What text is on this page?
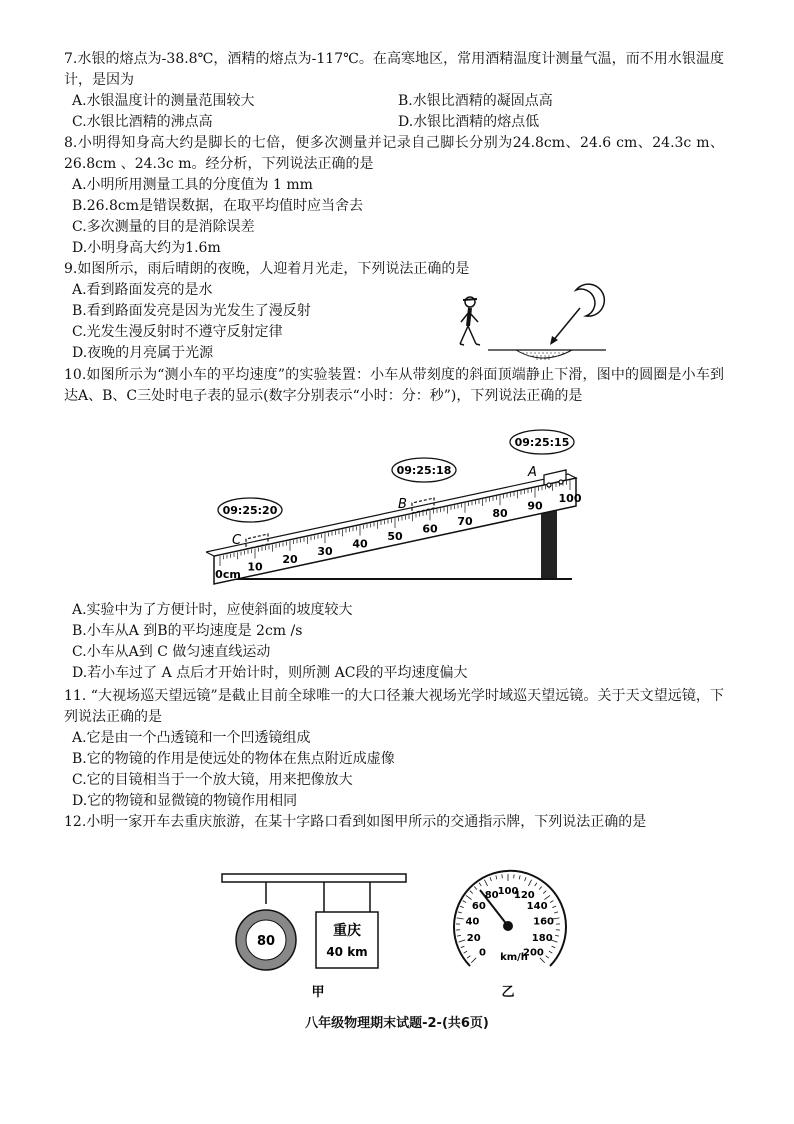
7.水银的熔点为-38.8℃，酒精的熔点为-117℃。在高寒地区，常用酒精温度计测量气温，而不用水银温度计，是因为

A.水银温度计的测量范围较大	B.水银比酒精的凝固点高
C.水银比酒精的沸点高	D.水银比酒精的熔点低

8.小明得知身高大约是脚长的七倍，便多次测量并记录自己脚长分别为24.8cm、24.6 cm、24.3c m、26.8cm 、24.3c m。经分析，下列说法正确的是

A.小明所用测量工具的分度值为 1 mm

B.26.8cm是错误数据，在取平均值时应当舍去

C.多次测量的目的是消除误差

D.小明身高大约为1.6m

9.如图所示，雨后晴朗的夜晚，人迎着月光走，下列说法正确的是

A.看到路面发亮的是水

B.看到路面发亮是因为光发生了漫反射

C.光发生漫反射时不遵守反射定律

D.夜晚的月亮属于光源

10.如图所示为“测小车的平均速度”的实验装置：小车从带刻度的斜面顶端静止下滑，图中的圆圈是小车到达A、B、C三处时电子表的显示(数字分别表示“小时：分：秒”)，下列说法正确的是

0cm
10
20
30
40
50
60
70
80
90
100
C
B
A
09:25:20
09:25:18
09:25:15

A.实验中为了方便计时，应使斜面的坡度较大

B.小车从A 到B的平均速度是 2cm /s

C.小车从A到 C 做匀速直线运动

D.若小车过了 A 点后才开始计时，则所测 AC段的平均速度偏大

11. “大视场巡天望远镜”是截止目前全球唯一的大口径兼大视场光学时域巡天望远镜。关于天文望远镜，下列说法正确的是

A.它是由一个凸透镜和一个凹透镜组成

B.它的物镜的作用是使远处的物体在焦点附近成虚像

C.它的目镜相当于一个放大镜，用来把像放大

D.它的物镜和显微镜的物镜作用相同

12.小明一家开车去重庆旅游，在某十字路口看到如图甲所示的交通指示牌，下列说法正确的是

80
重庆
40 km
甲
0
20
40
60
80
100
120
140
160
180
200
km/h
乙
八年级物理期末试题-2-(共6页)
